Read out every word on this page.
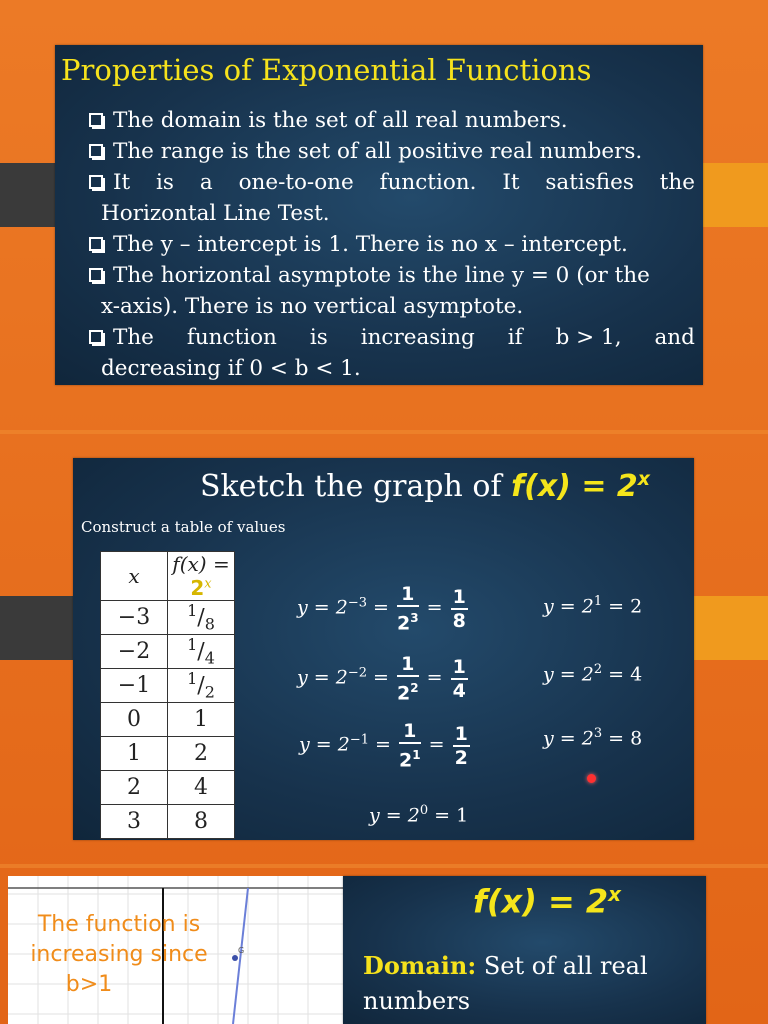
Properties of Exponential Functions
The domain is the set of all real numbers.
The range is the set of all positive real numbers.
It is a one-to-one function. It satisfies the
Horizontal Line Test.
The y – intercept is 1. There is no x – intercept.
The horizontal asymptote is the line y = 0 (or the
x-axis). There is no vertical asymptote.
The function is increasing if b > 1, and
decreasing if 0 < b < 1.
Sketch the graph of $f(x) = 2^x$
Construct a table of values
x	$f(x) = 2^x$
−3	$^1/_8$
−2	$^1/_4$
−1	$^1/_2$
0	1
1	2
2	4
3	8
$y = 2^{-3} = \frac{1}{2^3} = \frac{1}{8}$
$y = 2^{-2} = \frac{1}{2^2} = \frac{1}{4}$
$y = 2^{-1} = \frac{1}{2^1} = \frac{1}{2}$
$y = 2^1 = 2$
$y = 2^2 = 4$
$y = 2^3 = 8$
$y = 2^0 = 1$
G
The function is
increasing since
b>1
$f(x) = 2^x$
Domain: Set of all real numbers
